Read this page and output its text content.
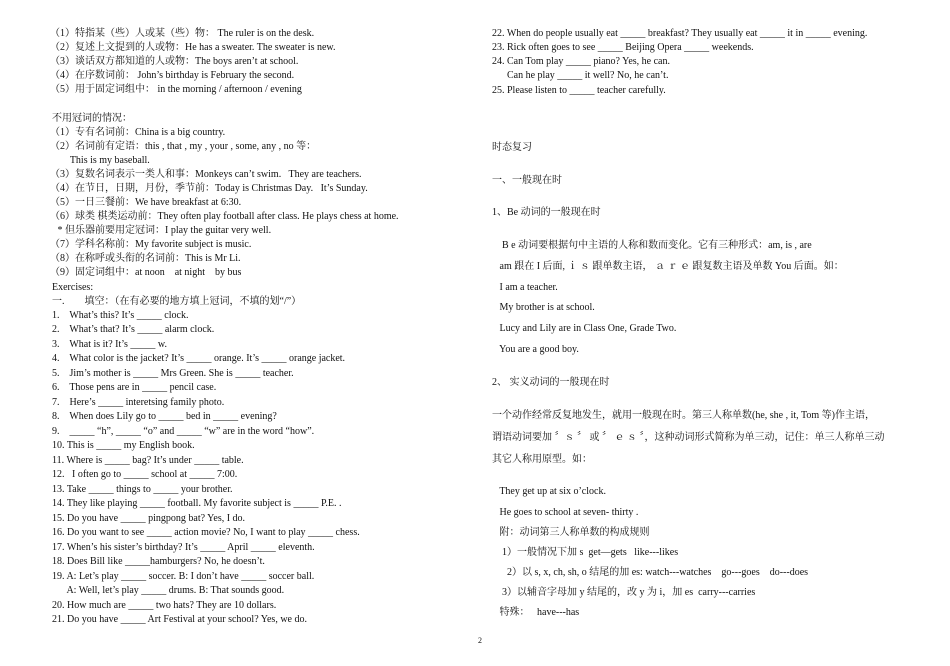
（1）特指某（些）人或某（些）物： The ruler is on the desk.
（2）复述上文提到的人或物：He has a sweater. The sweater is new.
（3）谈话双方都知道的人或物：The boys aren’t at school.
（4）在序数词前： John’s birthday is February the second.
（5）用于固定词组中： in the morning / afternoon / evening
不用冠词的情况：
（1）专有名词前：China is a big country.
（2）名词前有定语：this , that , my , your , some, any , no 等：
This is my baseball.
（3）复数名词表示一类人和事：Monkeys can’t swim.   They are teachers.
（4）在节日，日期，月份，季节前：Today is Christmas Day.   It’s Sunday.
（5）一日三餐前：We have breakfast at 6:30.
（6）球类 棋类运动前：They often play football after class. He plays chess at home.
* 但乐器前要用定冠词：I play the guitar very well.
（7）学科名称前：My favorite subject is music.
（8）在称呼或头衔的名词前：This is Mr Li.
（9）固定词组中：at noon    at night    by bus
Exercises:
一.        填空：（在有必要的地方填上冠词，不填的划“/”）
1.    What’s this? It’s _____ clock.
2.    What’s that? It’s _____ alarm clock.
3.    What is it? It’s _____ w.
4.    What color is the jacket? It’s _____ orange. It’s _____ orange jacket.
5.    Jim’s mother is _____ Mrs Green. She is _____ teacher.
6.    Those pens are in _____ pencil case.
7.    Here’s _____ interetsing family photo.
8.    When does Lily go to _____ bed in _____ evening?
9.    _____ “h”, _____ “o” and _____ “w” are in the word “how”.
10. This is _____ my English book.
11. Where is _____ bag? It’s under _____ table.
12.   I often go to _____ school at _____ 7:00.
13. Take _____ things to _____ your brother.
14. They like playing _____ football. My favorite subject is _____ P.E. .
15. Do you have _____ pingpong bat? Yes, I do.
16. Do you want to see _____ action movie? No, I want to play _____ chess.
17. When’s his sister’s birthday? It’s _____ April _____ eleventh.
18. Does Bill like _____hamburgers? No, he doesn’t.
19. A: Let’s play _____ soccer. B: I don’t have _____ soccer ball.
A: Well, let’s play _____ drums. B: That sounds good.
20. How much are _____ two hats? They are 10 dollars.
21. Do you have _____ Art Festival at your school? Yes, we do.
22. When do people usually eat _____ breakfast? They usually eat _____ it in _____ evening.
23. Rick often goes to see _____ Beijing Opera _____ weekends.
24. Can Tom play _____ piano? Yes, he can.
Can he play _____ it well? No, he can’t.
25. Please listen to _____ teacher carefully.
时态复习
一、一般现在时
1、Be 动词的一般现在时
B e 动词要根据句中主语的人称和数而变化。它有三种形式：am, is , are
am 跟在 I 后面, ｉ ｓ 跟单数主语， ａ ｒ ｅ 跟复数主语及单数 You 后面。如：
I am a teacher.
My brother is at school.
Lucy and Lily are in Class One, Grade Two.
You are a good boy.
2、 实义动词的一般现在时
一个动作经常反复地发生，就用一般现在时。第三人称单数(he, she , it, Tom 等)作主语，
谓语动词要加 〞ｓ 〞 或 〞 ｅ ｓ 〞，这种动词形式简称为单三动，记住：单三人称单三动
其它人称用原型。如：
They get up at six o’clock.
He goes to school at seven- thirty .
附：动词第三人称单数的构成规则
1）一般情况下加 s  get—gets   like---likes
2）以 s, x, ch, sh, o 结尾的加 es: watch---watches    go---goes    do---does
3）以辅音字母加 y 结尾的，改 y 为 i，加 es  carry---carries
特殊：   have---has
2
